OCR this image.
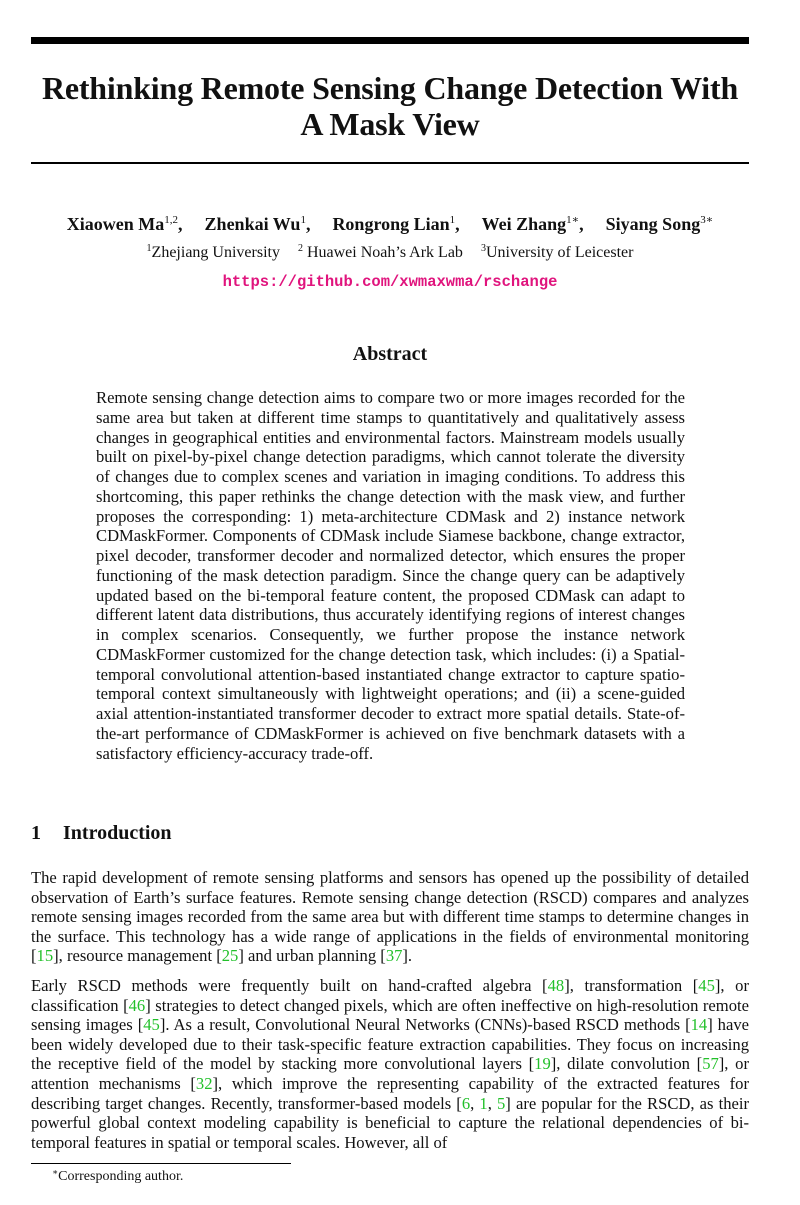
Rethinking Remote Sensing Change Detection With A Mask View
Xiaowen Ma$^{1,2}$, Zhenkai Wu$^1$, Rongrong Lian$^1$, Wei Zhang$^{1∗}$, Siyang Song$^{3∗}$
$^1$Zhejiang University $^2$ Huawei Noah’s Ark Lab $^3$University of Leicester
https://github.com/xwmaxwma/rschange
Abstract
Remote sensing change detection aims to compare two or more images recorded for the same area but taken at different time stamps to quantitatively and qualitatively assess changes in geographical entities and environmental factors. Mainstream models usually built on pixel-by-pixel change detection paradigms, which cannot tolerate the diversity of changes due to complex scenes and variation in imaging conditions. To address this shortcoming, this paper rethinks the change detection with the mask view, and further proposes the corresponding: 1) meta-architecture CDMask and 2) instance network CDMaskFormer. Components of CDMask include Siamese backbone, change extractor, pixel decoder, transformer decoder and normalized detector, which ensures the proper functioning of the mask detection paradigm. Since the change query can be adaptively updated based on the bi-temporal feature content, the proposed CDMask can adapt to different latent data distributions, thus accurately identifying regions of interest changes in complex scenarios. Consequently, we further propose the instance network CDMaskFormer customized for the change detection task, which includes: (i) a Spatial-temporal convolutional attention-based instantiated change extractor to capture spatio-temporal context simultaneously with lightweight operations; and (ii) a scene-guided axial attention-instantiated transformer decoder to extract more spatial details. State-of-the-art performance of CDMaskFormer is achieved on five benchmark datasets with a satisfactory efficiency-accuracy trade-off.
1 Introduction
The rapid development of remote sensing platforms and sensors has opened up the possibility of detailed observation of Earth’s surface features. Remote sensing change detection (RSCD) compares and analyzes remote sensing images recorded from the same area but with different time stamps to determine changes in the surface. This technology has a wide range of applications in the fields of environmental monitoring [15], resource management [25] and urban planning [37].
Early RSCD methods were frequently built on hand-crafted algebra [48], transformation [45], or classification [46] strategies to detect changed pixels, which are often ineffective on high-resolution remote sensing images [45]. As a result, Convolutional Neural Networks (CNNs)-based RSCD methods [14] have been widely developed due to their task-specific feature extraction capabilities. They focus on increasing the receptive field of the model by stacking more convolutional layers [19], dilate convolution [57], or attention mechanisms [32], which improve the representing capability of the extracted features for describing target changes. Recently, transformer-based models [6, 1, 5] are popular for the RSCD, as their powerful global context modeling capability is beneficial to capture the relational dependencies of bi-temporal features in spatial or temporal scales. However, all of
∗Corresponding author.
